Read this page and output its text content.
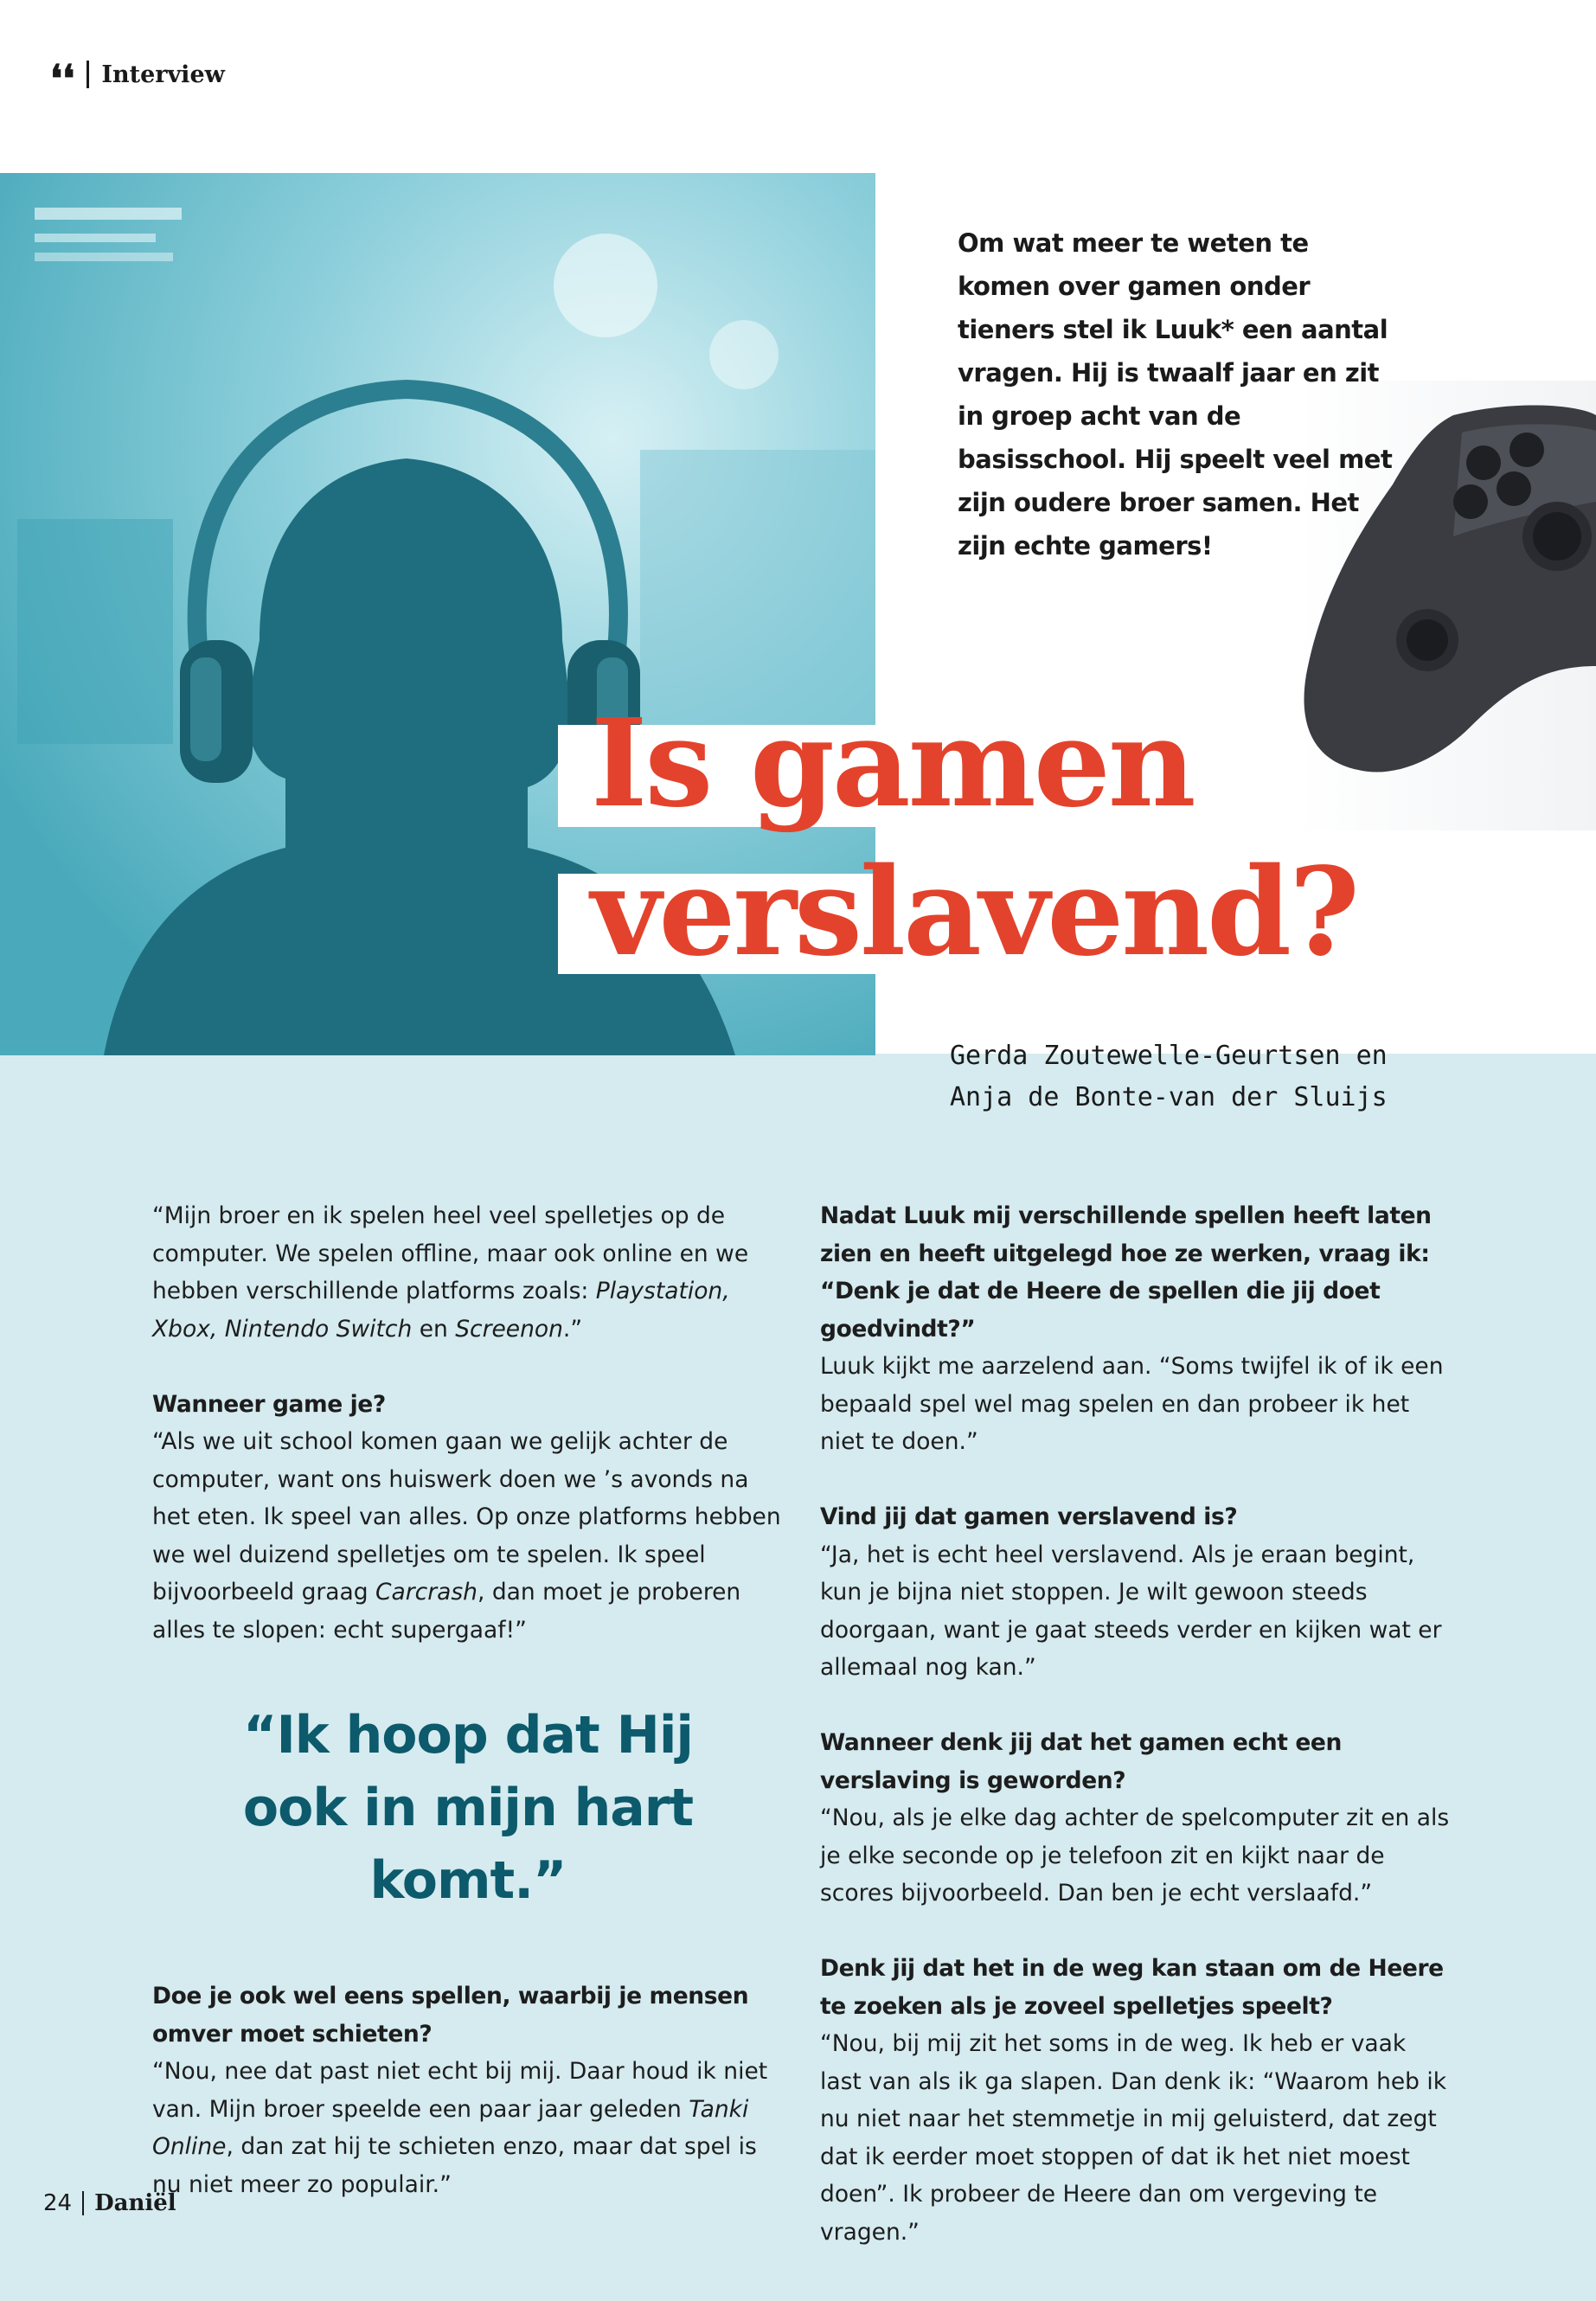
❛❛ Interview

Om wat meer te weten te komen over gamen onder tieners stel ik Luuk* een aantal vragen. Hij is twaalf jaar en zit in groep acht van de basisschool. Hij speelt veel met zijn oudere broer samen. Het zijn echte gamers!

Is gamen
verslavend?
Gerda Zoutewelle-Geurtsen en
Anja de Bonte-van der Sluijs

“Mijn broer en ik spelen heel veel spelletjes op de computer. We spelen offline, maar ook online en we hebben verschillende platforms zoals: Playstation, Xbox, Nintendo Switch en Screenon.”

Wanneer game je?

“Als we uit school komen gaan we gelijk achter de computer, want ons huiswerk doen we ’s avonds na het eten. Ik speel van alles. Op onze platforms hebben we wel duizend spelletjes om te spelen. Ik speel bijvoorbeeld graag Carcrash, dan moet je proberen alles te slopen: echt supergaaf!”

“Ik hoop dat Hij
ook in mijn hart komt.”

Doe je ook wel eens spellen, waarbij je mensen omver moet schieten?

“Nou, nee dat past niet echt bij mij. Daar houd ik niet van. Mijn broer speelde een paar jaar geleden Tanki Online, dan zat hij te schieten enzo, maar dat spel is nu niet meer zo populair.”

Nadat Luuk mij verschillende spellen heeft laten zien en heeft uitgelegd hoe ze werken, vraag ik: “Denk je dat de Heere de spellen die jij doet goedvindt?”

Luuk kijkt me aarzelend aan. “Soms twijfel ik of ik een bepaald spel wel mag spelen en dan probeer ik het niet te doen.”

Vind jij dat gamen verslavend is?

“Ja, het is echt heel verslavend. Als je eraan begint, kun je bijna niet stoppen. Je wilt gewoon steeds doorgaan, want je gaat steeds verder en kijken wat er allemaal nog kan.”

Wanneer denk jij dat het gamen echt een verslaving is geworden?

“Nou, als je elke dag achter de spelcomputer zit en als je elke seconde op je telefoon zit en kijkt naar de scores bijvoorbeeld. Dan ben je echt verslaafd.”

Denk jij dat het in de weg kan staan om de Heere te zoeken als je zoveel spelletjes speelt?

“Nou, bij mij zit het soms in de weg. Ik heb er vaak last van als ik ga slapen. Dan denk ik: “Waarom heb ik nu niet naar het stemmetje in mij geluisterd, dat zegt dat ik eerder moet stoppen of dat ik het niet moest doen”. Ik probeer de Heere dan om vergeving te vragen.”

24 Daniël
